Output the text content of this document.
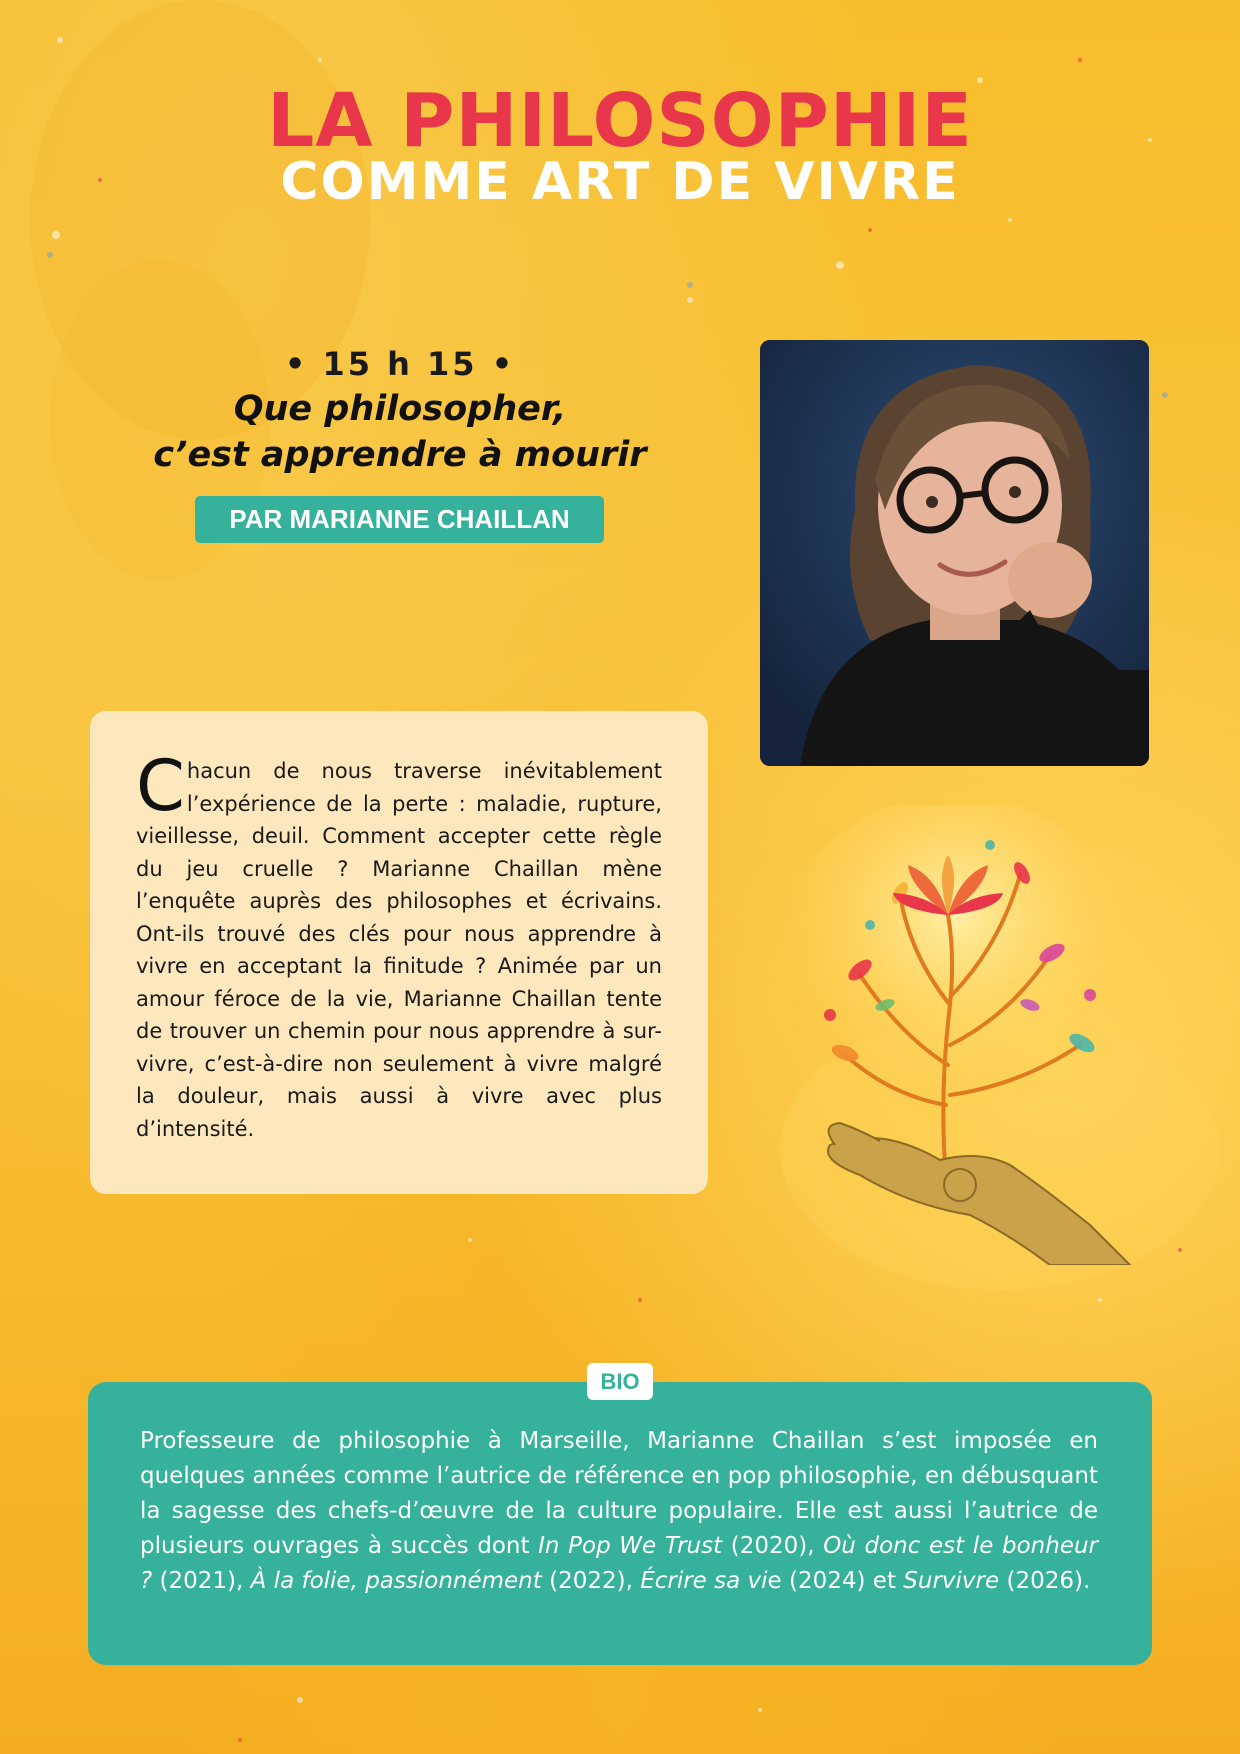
LA PHILOSOPHIE
COMME ART DE VIVRE
• 15 h 15 •
Que philosopher,
c’est apprendre à mourir
PAR MARIANNE CHAILLAN

Chacun de nous traverse inévitablement l’expérience de la perte : maladie, rupture, vieillesse, deuil. Comment accepter cette règle du jeu cruelle ? Marianne Chaillan mène l’enquête auprès des philosophes et écrivains. Ont-ils trouvé des clés pour nous apprendre à vivre en acceptant la finitude ? Animée par un amour féroce de la vie, Marianne Chaillan tente de trouver un chemin pour nous apprendre à sur-vivre, c’est-à-dire non seulement à vivre malgré la douleur, mais aussi à vivre avec plus d’intensité.

BIO

Professeure de philosophie à Marseille, Marianne Chaillan s’est imposée en quelques années comme l’autrice de référence en pop philosophie, en débusquant la sagesse des chefs-d’œuvre de la culture populaire. Elle est aussi l’autrice de plusieurs ouvrages à succès dont In Pop We Trust (2020), Où donc est le bonheur ? (2021), À la folie, passionnément (2022), Écrire sa vie (2024) et Survivre (2026).
